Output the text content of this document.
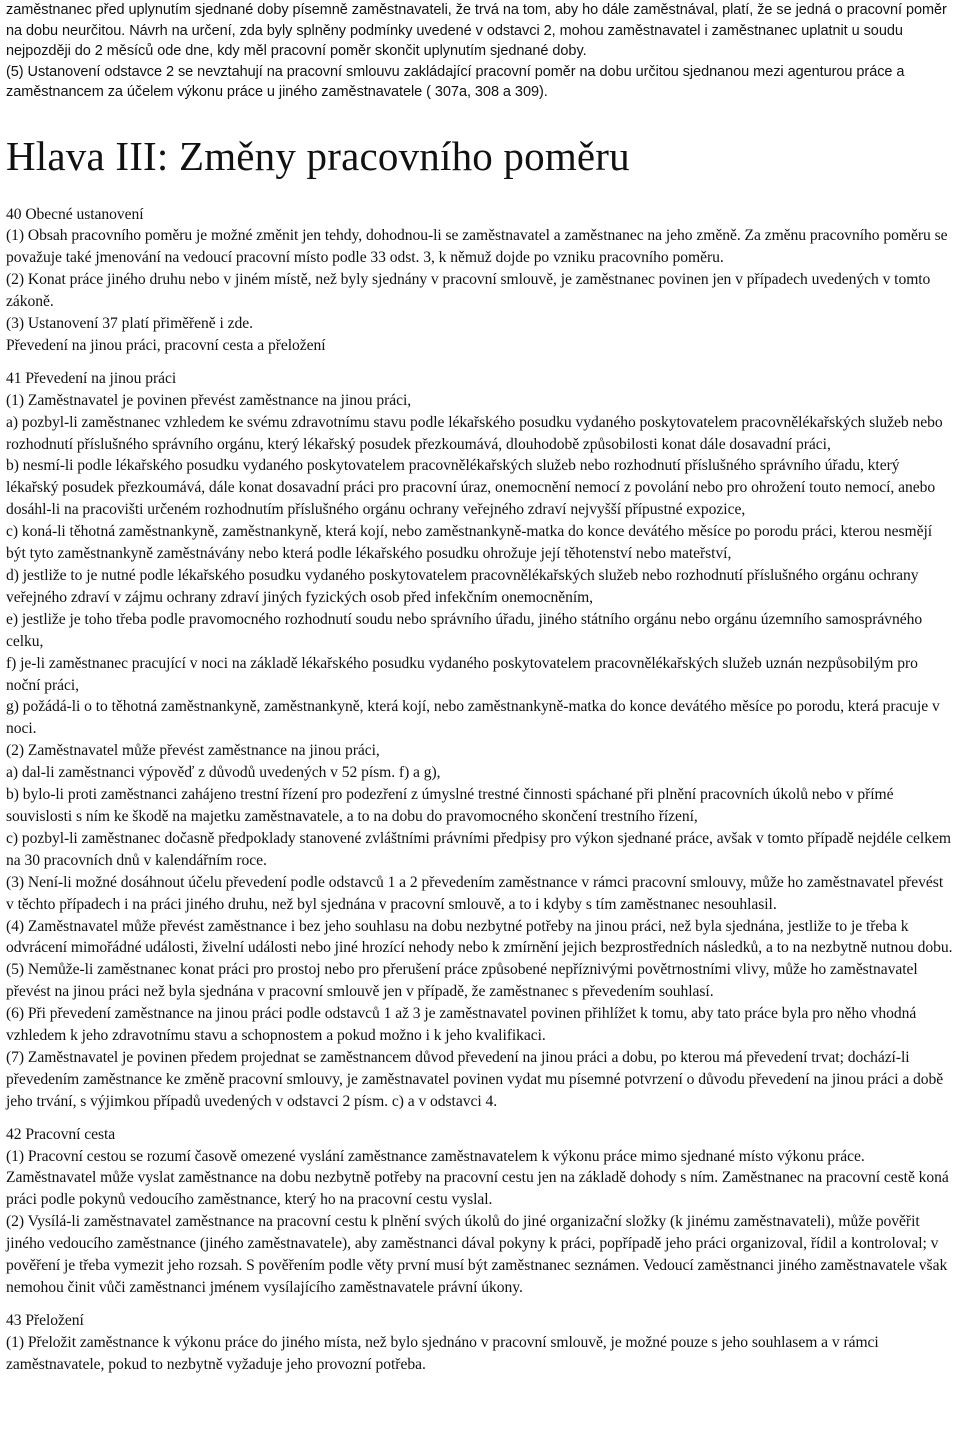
zaměstnanec před uplynutím sjednané doby písemně zaměstnavateli, že trvá na tom, aby ho dále zaměstnával, platí, že se jedná o pracovní poměr na dobu neurčitou. Návrh na určení, zda byly splněny podmínky uvedené v odstavci 2, mohou zaměstnavatel i zaměstnanec uplatnit u soudu nejpozději do 2 měsíců ode dne, kdy měl pracovní poměr skončit uplynutím sjednané doby.

(5) Ustanovení odstavce 2 se nevztahují na pracovní smlouvu zakládající pracovní poměr na dobu určitou sjednanou mezi agenturou práce a zaměstnancem za účelem výkonu práce u jiného zaměstnavatele ( 307a, 308 a 309).

Hlava III: Změny pracovního poměru

40 Obecné ustanovení

(1) Obsah pracovního poměru je možné změnit jen tehdy, dohodnou-li se zaměstnavatel a zaměstnanec na jeho změně. Za změnu pracovního poměru se považuje také jmenování na vedoucí pracovní místo podle 33 odst. 3, k němuž dojde po vzniku pracovního poměru.

(2) Konat práce jiného druhu nebo v jiném místě, než byly sjednány v pracovní smlouvě, je zaměstnanec povinen jen v případech uvedených v tomto zákoně.

(3) Ustanovení 37 platí přiměřeně i zde.

Převedení na jinou práci, pracovní cesta a přeložení

41 Převedení na jinou práci

(1) Zaměstnavatel je povinen převést zaměstnance na jinou práci,

a) pozbyl-li zaměstnanec vzhledem ke svému zdravotnímu stavu podle lékařského posudku vydaného poskytovatelem pracovnělékařských služeb nebo rozhodnutí příslušného správního orgánu, který lékařský posudek přezkoumává, dlouhodobě způsobilosti konat dále dosavadní práci,

b) nesmí-li podle lékařského posudku vydaného poskytovatelem pracovnělékařských služeb nebo rozhodnutí příslušného správního úřadu, který lékařský posudek přezkoumává, dále konat dosavadní práci pro pracovní úraz, onemocnění nemocí z povolání nebo pro ohrožení touto nemocí, anebo dosáhl-li na pracovišti určeném rozhodnutím příslušného orgánu ochrany veřejného zdraví nejvyšší přípustné expozice,

c) koná-li těhotná zaměstnankyně, zaměstnankyně, která kojí, nebo zaměstnankyně-matka do konce devátého měsíce po porodu práci, kterou nesmějí být tyto zaměstnankyně zaměstnávány nebo která podle lékařského posudku ohrožuje její těhotenství nebo mateřství,

d) jestliže to je nutné podle lékařského posudku vydaného poskytovatelem pracovnělékařských služeb nebo rozhodnutí příslušného orgánu ochrany veřejného zdraví v zájmu ochrany zdraví jiných fyzických osob před infekčním onemocněním,

e) jestliže je toho třeba podle pravomocného rozhodnutí soudu nebo správního úřadu, jiného státního orgánu nebo orgánu územního samosprávného celku,

f) je-li zaměstnanec pracující v noci na základě lékařského posudku vydaného poskytovatelem pracovnělékařských služeb uznán nezpůsobilým pro noční práci,

g) požádá-li o to těhotná zaměstnankyně, zaměstnankyně, která kojí, nebo zaměstnankyně-matka do konce devátého měsíce po porodu, která pracuje v noci.

(2) Zaměstnavatel může převést zaměstnance na jinou práci,

a) dal-li zaměstnanci výpověď z důvodů uvedených v 52 písm. f) a g),

b) bylo-li proti zaměstnanci zahájeno trestní řízení pro podezření z úmyslné trestné činnosti spáchané při plnění pracovních úkolů nebo v přímé souvislosti s ním ke škodě na majetku zaměstnavatele, a to na dobu do pravomocného skončení trestního řízení,

c) pozbyl-li zaměstnanec dočasně předpoklady stanovené zvláštními právními předpisy pro výkon sjednané práce, avšak v tomto případě nejdéle celkem na 30 pracovních dnů v kalendářním roce.

(3) Není-li možné dosáhnout účelu převedení podle odstavců 1 a 2 převedením zaměstnance v rámci pracovní smlouvy, může ho zaměstnavatel převést v těchto případech i na práci jiného druhu, než byl sjednána v pracovní smlouvě, a to i kdyby s tím zaměstnanec nesouhlasil.

(4) Zaměstnavatel může převést zaměstnance i bez jeho souhlasu na dobu nezbytné potřeby na jinou práci, než byla sjednána, jestliže to je třeba k odvrácení mimořádné události, živelní události nebo jiné hrozící nehody nebo k zmírnění jejich bezprostředních následků, a to na nezbytně nutnou dobu.

(5) Nemůže-li zaměstnanec konat práci pro prostoj nebo pro přerušení práce způsobené nepříznivými povětrnostními vlivy, může ho zaměstnavatel převést na jinou práci než byla sjednána v pracovní smlouvě jen v případě, že zaměstnanec s převedením souhlasí.

(6) Při převedení zaměstnance na jinou práci podle odstavců 1 až 3 je zaměstnavatel povinen přihlížet k tomu, aby tato práce byla pro něho vhodná vzhledem k jeho zdravotnímu stavu a schopnostem a pokud možno i k jeho kvalifikaci.

(7) Zaměstnavatel je povinen předem projednat se zaměstnancem důvod převedení na jinou práci a dobu, po kterou má převedení trvat; dochází-li převedením zaměstnance ke změně pracovní smlouvy, je zaměstnavatel povinen vydat mu písemné potvrzení o důvodu převedení na jinou práci a době jeho trvání, s výjimkou případů uvedených v odstavci 2 písm. c) a v odstavci 4.

42 Pracovní cesta

(1) Pracovní cestou se rozumí časově omezené vyslání zaměstnance zaměstnavatelem k výkonu práce mimo sjednané místo výkonu práce. Zaměstnavatel může vyslat zaměstnance na dobu nezbytně potřeby na pracovní cestu jen na základě dohody s ním. Zaměstnanec na pracovní cestě koná práci podle pokynů vedoucího zaměstnance, který ho na pracovní cestu vyslal.

(2) Vysílá-li zaměstnavatel zaměstnance na pracovní cestu k plnění svých úkolů do jiné organizační složky (k jinému zaměstnavateli), může pověřit jiného vedoucího zaměstnance (jiného zaměstnavatele), aby zaměstnanci dával pokyny k práci, popřípadě jeho práci organizoval, řídil a kontroloval; v pověření je třeba vymezit jeho rozsah. S pověřením podle věty první musí být zaměstnanec seznámen. Vedoucí zaměstnanci jiného zaměstnavatele však nemohou činit vůči zaměstnanci jménem vysílajícího zaměstnavatele právní úkony.

43 Přeložení

(1) Přeložit zaměstnance k výkonu práce do jiného místa, než bylo sjednáno v pracovní smlouvě, je možné pouze s jeho souhlasem a v rámci zaměstnavatele, pokud to nezbytně vyžaduje jeho provozní potřeba.
